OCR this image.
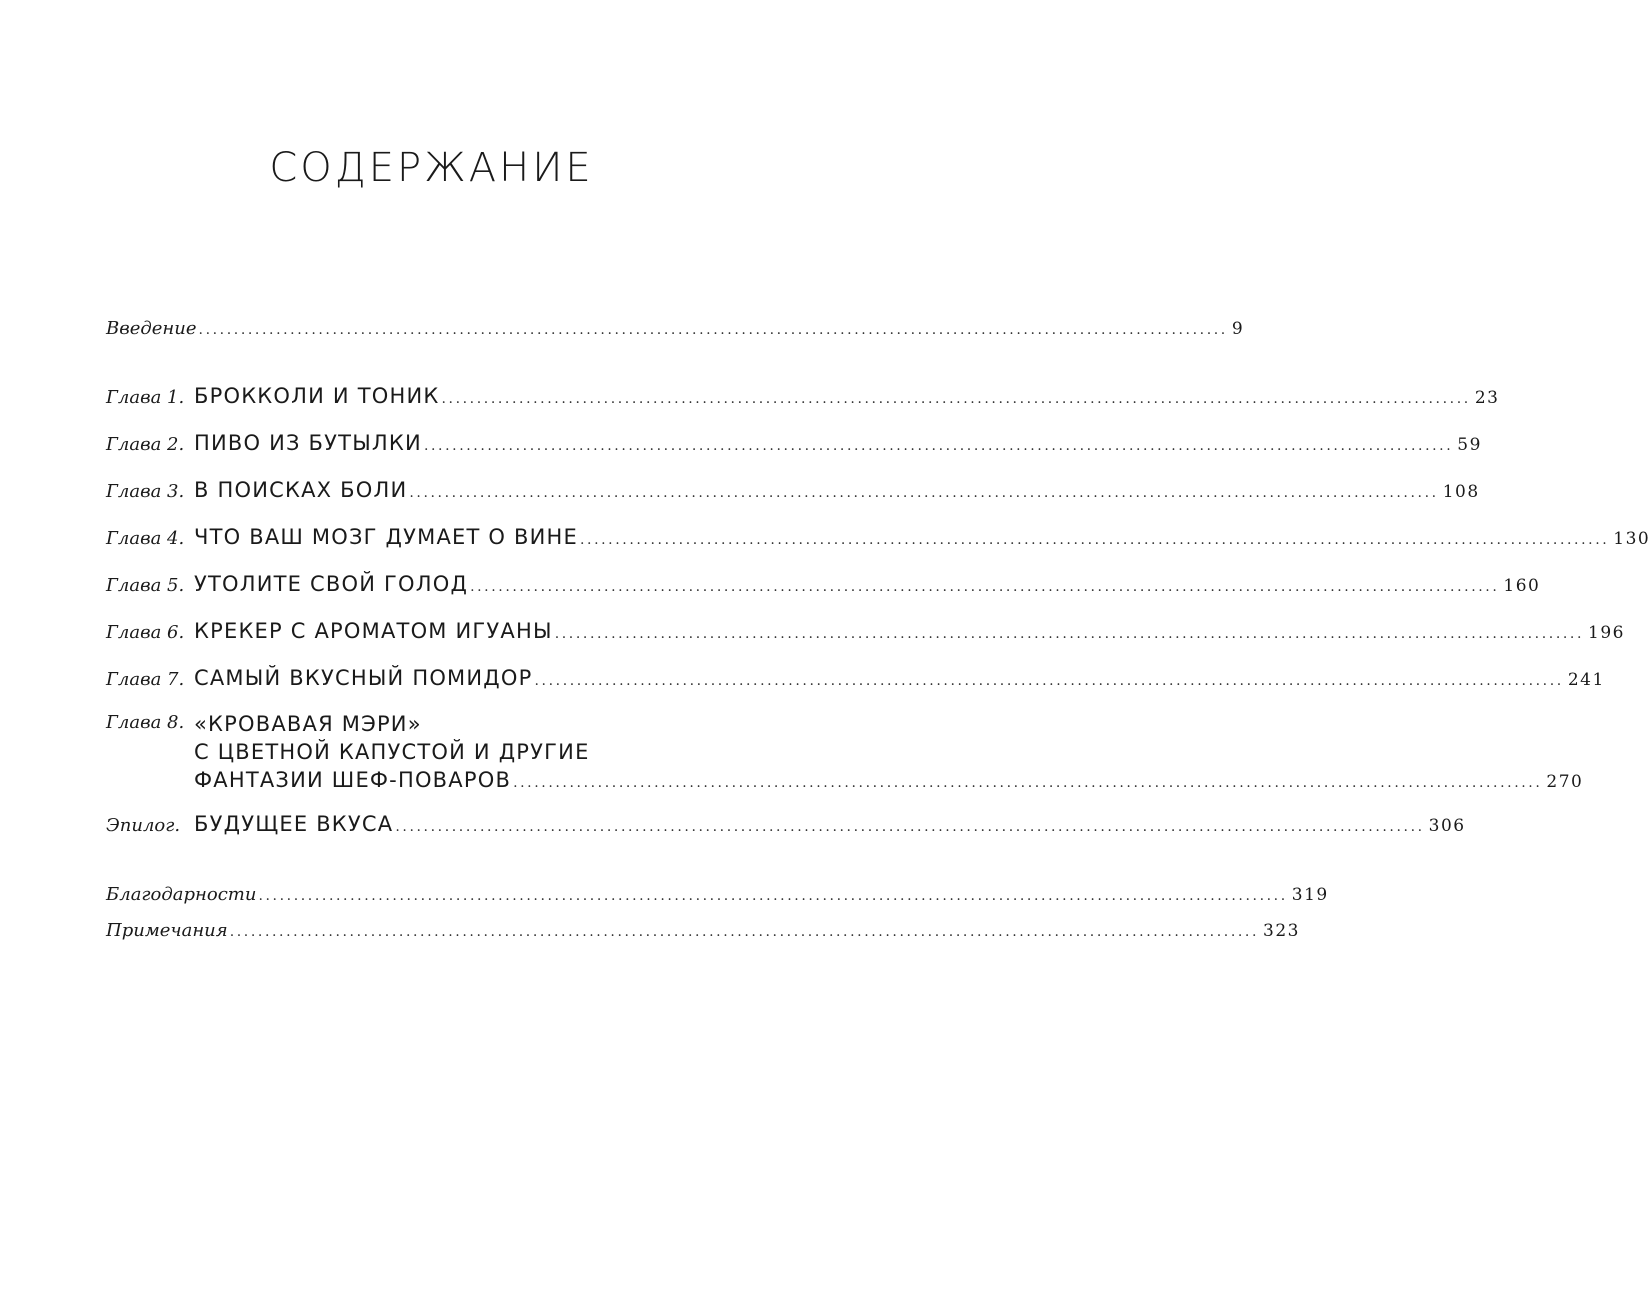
СОДЕРЖАНИЕ
Введение .................................................................................................................................................. 9
Глава 1. БРОККОЛИ И ТОНИК .................................................................................................................................................. 23
Глава 2. ПИВО ИЗ БУТЫЛКИ .................................................................................................................................................. 59
Глава 3. В ПОИСКАХ БОЛИ .................................................................................................................................................. 108
Глава 4. ЧТО ВАШ МОЗГ ДУМАЕТ О ВИНЕ .................................................................................................................................................. 130
Глава 5. УТОЛИТЕ СВОЙ ГОЛОД .................................................................................................................................................. 160
Глава 6. КРЕКЕР С АРОМАТОМ ИГУАНЫ .................................................................................................................................................. 196
Глава 7. САМЫЙ ВКУСНЫЙ ПОМИДОР .................................................................................................................................................. 241
Глава 8. «КРОВАВАЯ МЭРИ»
С ЦВЕТНОЙ КАПУСТОЙ И ДРУГИЕ
ФАНТАЗИИ ШЕФ-ПОВАРОВ .................................................................................................................................................. 270
Эпилог. БУДУЩЕЕ ВКУСА .................................................................................................................................................. 306
Благодарности .................................................................................................................................................. 319
Примечания .................................................................................................................................................. 323
